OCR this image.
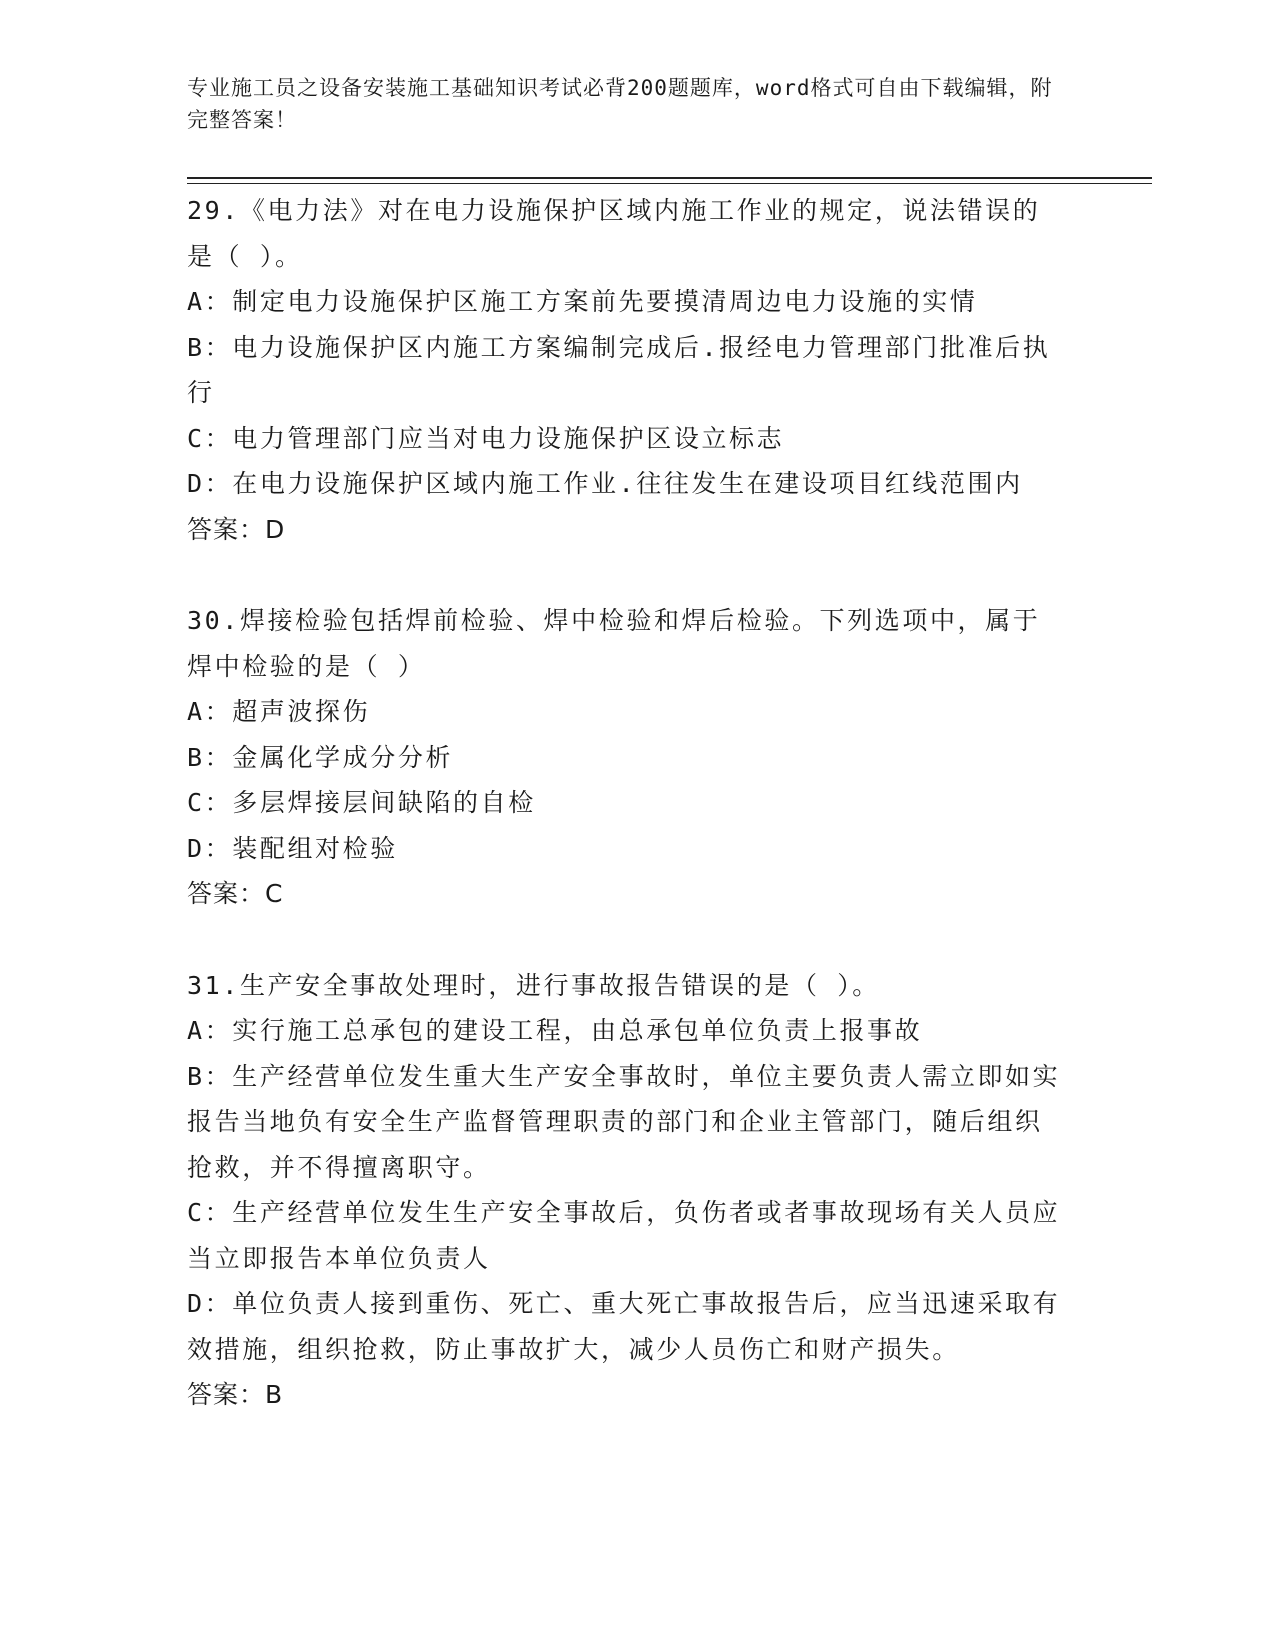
专业施工员之设备安装施工基础知识考试必背200题题库，word格式可自由下载编辑，附完整答案！

29.《电力法》对在电力设施保护区域内施工作业的规定，说法错误的是（ ）。

A：制定电力设施保护区施工方案前先要摸清周边电力设施的实情

B：电力设施保护区内施工方案编制完成后.报经电力管理部门批准后执行

C：电力管理部门应当对电力设施保护区设立标志

D：在电力设施保护区域内施工作业.往往发生在建设项目红线范围内

答案：D

30.焊接检验包括焊前检验、焊中检验和焊后检验。下列选项中，属于焊中检验的是（ ）

A：超声波探伤

B：金属化学成分分析

C：多层焊接层间缺陷的自检

D：装配组对检验

答案：C

31.生产安全事故处理时，进行事故报告错误的是（ ）。

A：实行施工总承包的建设工程，由总承包单位负责上报事故

B：生产经营单位发生重大生产安全事故时，单位主要负责人需立即如实报告当地负有安全生产监督管理职责的部门和企业主管部门，随后组织抢救，并不得擅离职守。

C：生产经营单位发生生产安全事故后，负伤者或者事故现场有关人员应当立即报告本单位负责人

D：单位负责人接到重伤、死亡、重大死亡事故报告后，应当迅速采取有效措施，组织抢救，防止事故扩大，减少人员伤亡和财产损失。

答案：B
